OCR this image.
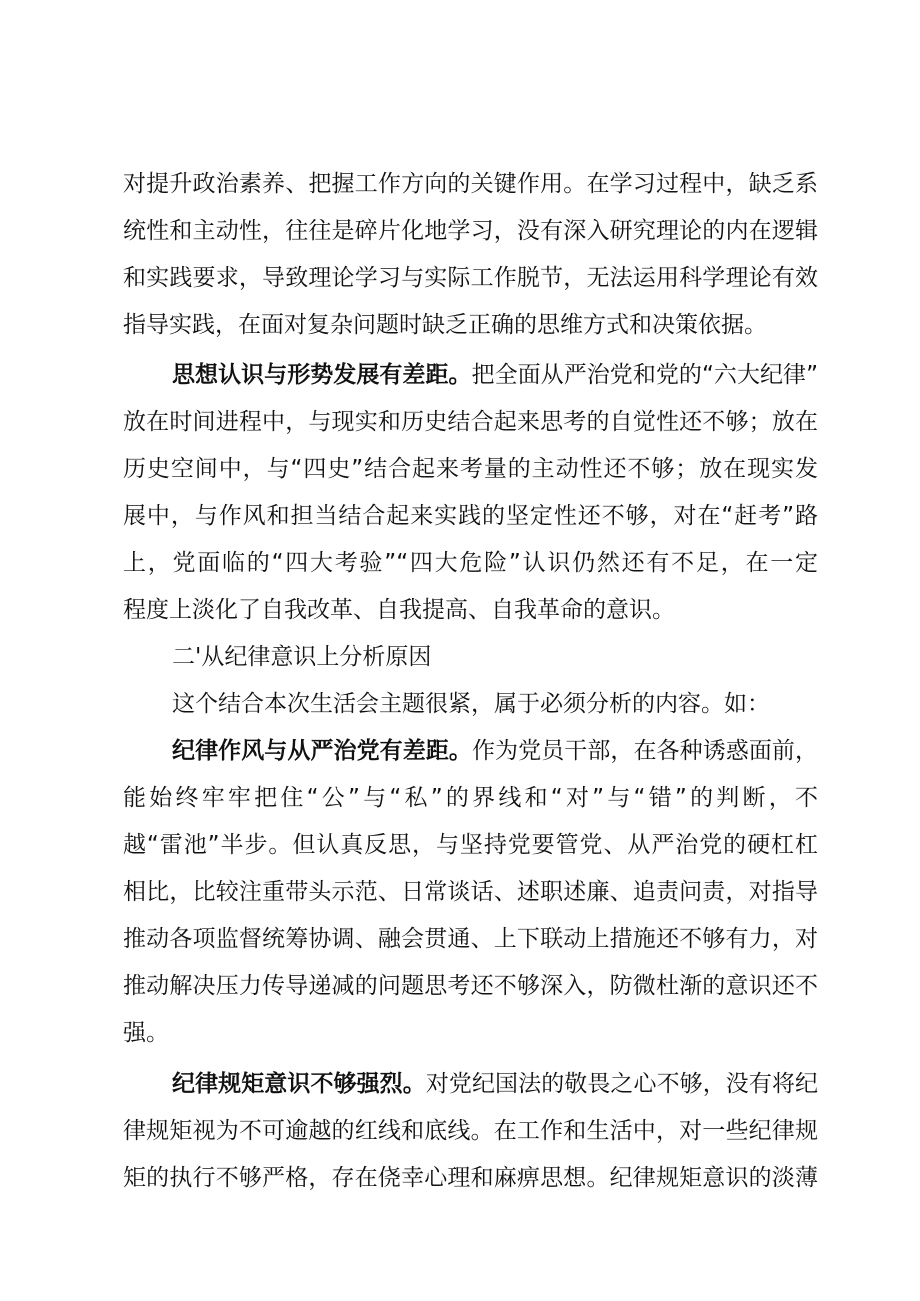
对提升政治素养、把握工作方向的关键作用。在学习过程中，缺乏系
统性和主动性，往往是碎片化地学习，没有深入研究理论的内在逻辑
和实践要求，导致理论学习与实际工作脱节，无法运用科学理论有效
指导实践，在面对复杂问题时缺乏正确的思维方式和决策依据。
思想认识与形势发展有差距。把全面从严治党和党的“六大纪律”
放在时间进程中，与现实和历史结合起来思考的自觉性还不够；放在
历史空间中，与“四史”结合起来考量的主动性还不够；放在现实发
展中，与作风和担当结合起来实践的坚定性还不够，对在“赶考”路
上，党面临的“四大考验”“四大危险”认识仍然还有不足，在一定
程度上淡化了自我改革、自我提高、自我革命的意识。
二'从纪律意识上分析原因
这个结合本次生活会主题很紧，属于必须分析的内容。如：
纪律作风与从严治党有差距。作为党员干部，在各种诱惑面前，
能始终牢牢把住“公”与“私”的界线和“对”与“错”的判断，不
越“雷池”半步。但认真反思，与坚持党要管党、从严治党的硬杠杠
相比，比较注重带头示范、日常谈话、述职述廉、追责问责，对指导
推动各项监督统筹协调、融会贯通、上下联动上措施还不够有力，对
推动解决压力传导递减的问题思考还不够深入，防微杜渐的意识还不
强。
纪律规矩意识不够强烈。对党纪国法的敬畏之心不够，没有将纪
律规矩视为不可逾越的红线和底线。在工作和生活中，对一些纪律规
矩的执行不够严格，存在侥幸心理和麻痹思想。纪律规矩意识的淡薄
